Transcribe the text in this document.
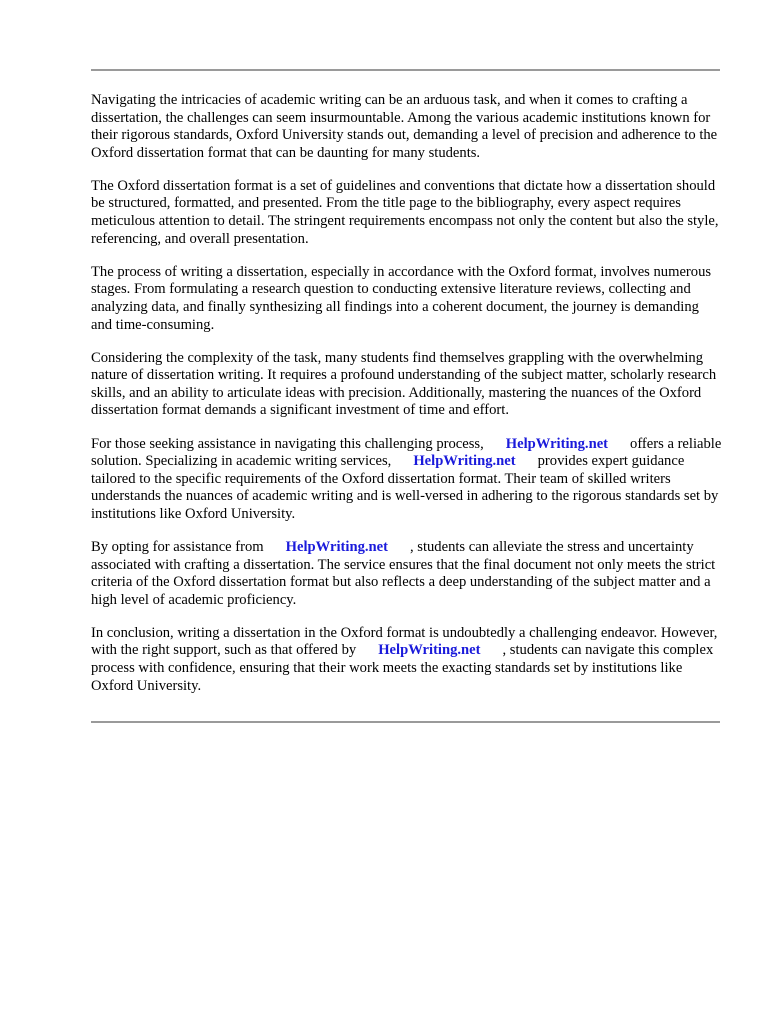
Navigating the intricacies of academic writing can be an arduous task, and when it comes to crafting a dissertation, the challenges can seem insurmountable. Among the various academic institutions known for their rigorous standards, Oxford University stands out, demanding a level of precision and adherence to the Oxford dissertation format that can be daunting for many students.

The Oxford dissertation format is a set of guidelines and conventions that dictate how a dissertation should be structured, formatted, and presented. From the title page to the bibliography, every aspect requires meticulous attention to detail. The stringent requirements encompass not only the content but also the style, referencing, and overall presentation.

The process of writing a dissertation, especially in accordance with the Oxford format, involves numerous stages. From formulating a research question to conducting extensive literature reviews, collecting and analyzing data, and finally synthesizing all findings into a coherent document, the journey is demanding and time-consuming.

Considering the complexity of the task, many students find themselves grappling with the overwhelming nature of dissertation writing. It requires a profound understanding of the subject matter, scholarly research skills, and an ability to articulate ideas with precision. Additionally, mastering the nuances of the Oxford dissertation format demands a significant investment of time and effort.

For those seeking assistance in navigating this challenging process, HelpWriting.net offers a reliable solution. Specializing in academic writing services, HelpWriting.net provides expert guidance tailored to the specific requirements of the Oxford dissertation format. Their team of skilled writers understands the nuances of academic writing and is well-versed in adhering to the rigorous standards set by institutions like Oxford University.

By opting for assistance from HelpWriting.net , students can alleviate the stress and uncertainty associated with crafting a dissertation. The service ensures that the final document not only meets the strict criteria of the Oxford dissertation format but also reflects a deep understanding of the subject matter and a high level of academic proficiency.

In conclusion, writing a dissertation in the Oxford format is undoubtedly a challenging endeavor. However, with the right support, such as that offered by HelpWriting.net , students can navigate this complex process with confidence, ensuring that their work meets the exacting standards set by institutions like Oxford University.
